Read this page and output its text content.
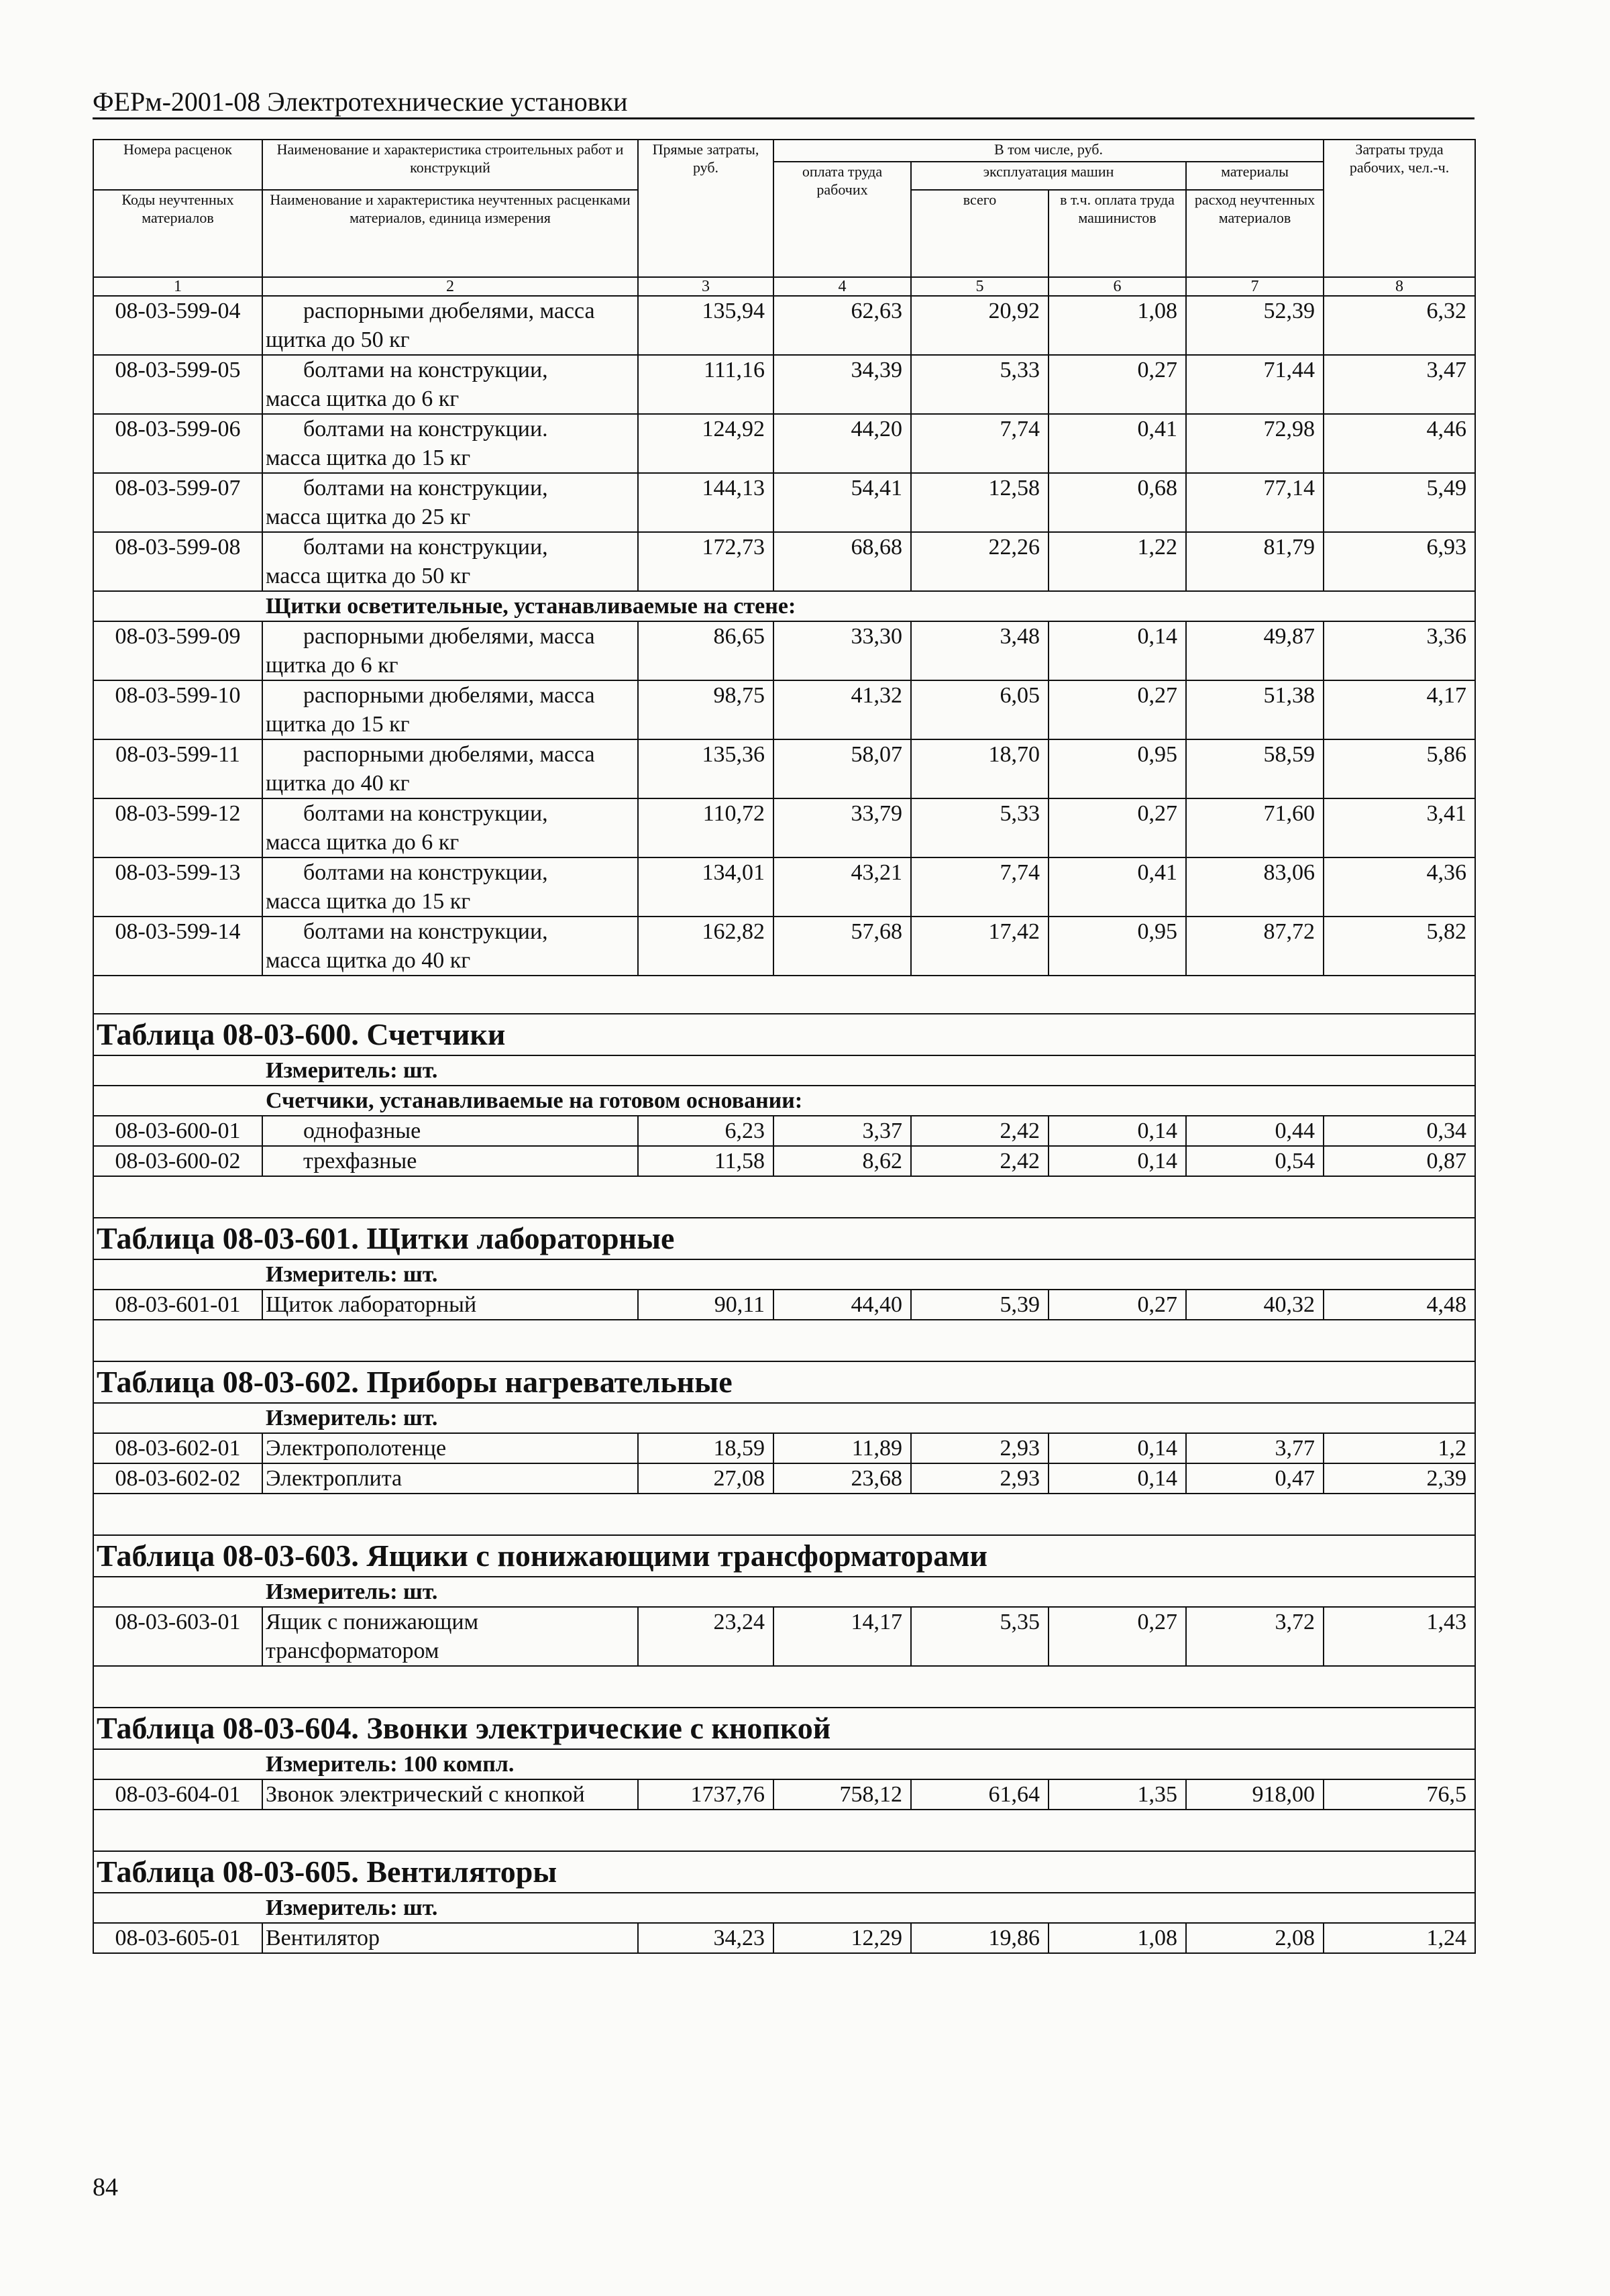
ФЕРм-2001-08 Электротехнические установки
Номера расценок	Наименование и характеристика строительных работ и конструкций	Прямые затраты, руб.	В том числе, руб.				Затраты труда рабочих, чел.-ч.
			оплата труда рабочих	эксплуатация машин		материалы	
Коды неучтенных материалов	Наименование и характеристика неучтенных расценками материалов, единица измерения			всего	в т.ч. оплата труда машинистов	расход неучтенных материалов	

1	2	3	4	5	6	7	8
08-03-599-04	распорными дюбелями, масса
щитка до 50 кг	135,94	62,63	20,92	1,08	52,39	6,32
08-03-599-05	болтами на конструкции,
масса щитка до 6 кг	111,16	34,39	5,33	0,27	71,44	3,47
08-03-599-06	болтами на конструкции.
масса щитка до 15 кг	124,92	44,20	7,74	0,41	72,98	4,46
08-03-599-07	болтами на конструкции,
масса щитка до 25 кг	144,13	54,41	12,58	0,68	77,14	5,49
08-03-599-08	болтами на конструкции,
масса щитка до 50 кг	172,73	68,68	22,26	1,22	81,79	6,93
Щитки осветительные, устанавливаемые на стене:							
08-03-599-09	распорными дюбелями, масса
щитка до 6 кг	86,65	33,30	3,48	0,14	49,87	3,36
08-03-599-10	распорными дюбелями, масса
щитка до 15 кг	98,75	41,32	6,05	0,27	51,38	4,17
08-03-599-11	распорными дюбелями, масса
щитка до 40 кг	135,36	58,07	18,70	0,95	58,59	5,86
08-03-599-12	болтами на конструкции,
масса щитка до 6 кг	110,72	33,79	5,33	0,27	71,60	3,41
08-03-599-13	болтами на конструкции,
масса щитка до 15 кг	134,01	43,21	7,74	0,41	83,06	4,36
08-03-599-14	болтами на конструкции,
масса щитка до 40 кг	162,82	57,68	17,42	0,95	87,72	5,82

Таблица 08-03-600. Счетчики							
Измеритель: шт.							
Счетчики, устанавливаемые на готовом основании:							
08-03-600-01	однофазные	6,23	3,37	2,42	0,14	0,44	0,34
08-03-600-02	трехфазные	11,58	8,62	2,42	0,14	0,54	0,87

Таблица 08-03-601. Щитки лабораторные							
Измеритель: шт.							
08-03-601-01	Щиток лабораторный	90,11	44,40	5,39	0,27	40,32	4,48

Таблица 08-03-602. Приборы нагревательные							
Измеритель: шт.							
08-03-602-01	Электрополотенце	18,59	11,89	2,93	0,14	3,77	1,2
08-03-602-02	Электроплита	27,08	23,68	2,93	0,14	0,47	2,39

Таблица 08-03-603. Ящики с понижающими трансформаторами							
Измеритель: шт.							
08-03-603-01	Ящик с понижающим
трансформатором	23,24	14,17	5,35	0,27	3,72	1,43

Таблица 08-03-604. Звонки электрические с кнопкой							
Измеритель: 100 компл.							
08-03-604-01	Звонок электрический с кнопкой	1737,76	758,12	61,64	1,35	918,00	76,5

Таблица 08-03-605. Вентиляторы							
Измеритель: шт.							
08-03-605-01	Вентилятор	34,23	12,29	19,86	1,08	2,08	1,24
84
